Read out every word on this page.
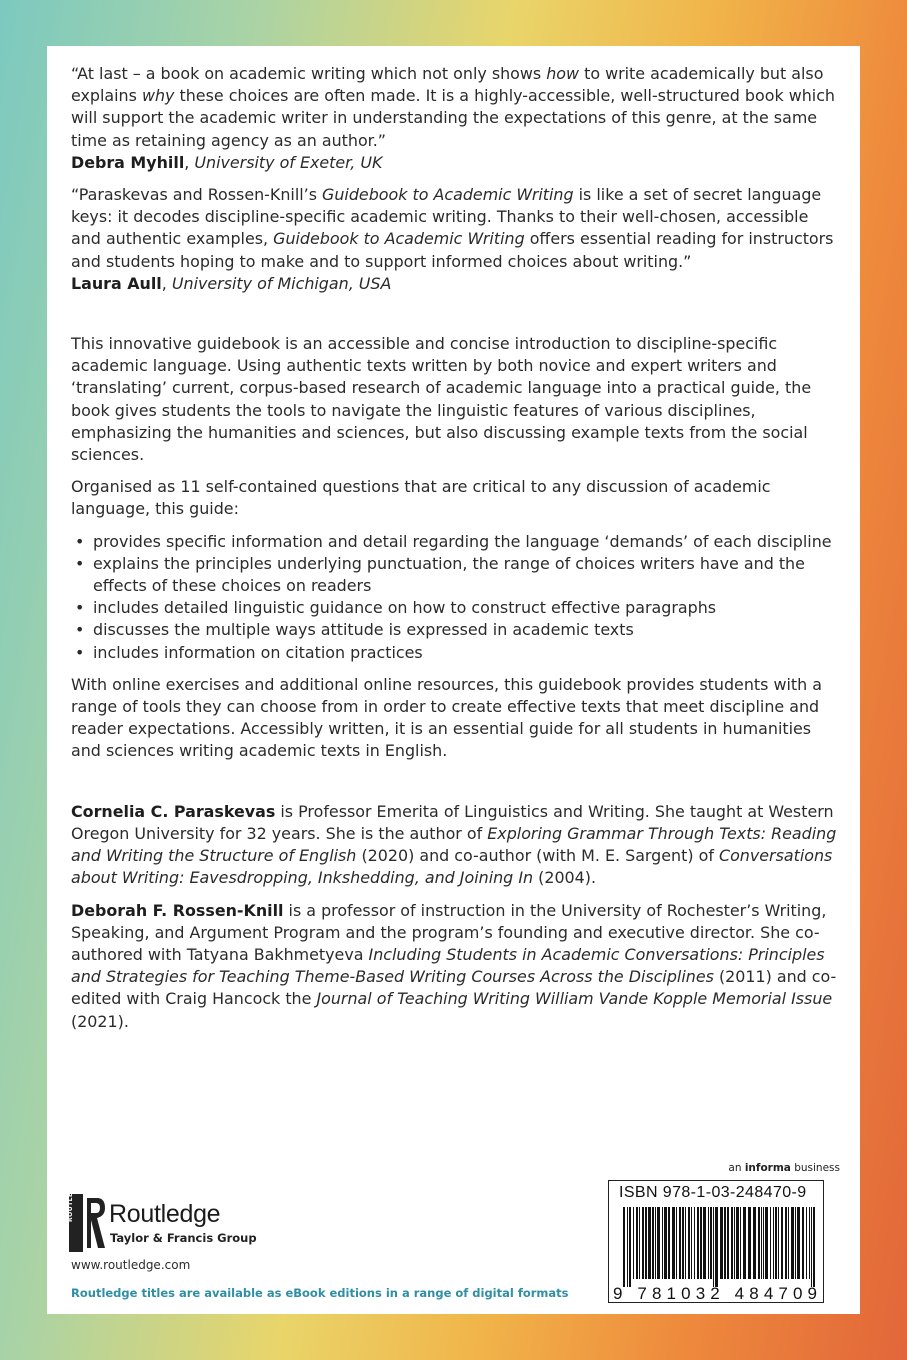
“At last – a book on academic writing which not only shows how to write academically but also explains why these choices are often made. It is a highly-accessible, well-structured book which will support the academic writer in understanding the expectations of this genre, at the same time as retaining agency as an author.”

Debra Myhill, University of Exeter, UK

“Paraskevas and Rossen-Knill’s Guidebook to Academic Writing is like a set of secret language keys: it decodes discipline-specific academic writing. Thanks to their well-chosen, accessible and authentic examples, Guidebook to Academic Writing offers essential reading for instructors and students hoping to make and to support informed choices about writing.”

Laura Aull, University of Michigan, USA

This innovative guidebook is an accessible and concise introduction to discipline-specific academic language. Using authentic texts written by both novice and expert writers and ‘translating’ current, corpus-based research of academic language into a practical guide, the book gives students the tools to navigate the linguistic features of various disciplines, emphasizing the humanities and sciences, but also discussing example texts from the social sciences.

Organised as 11 self-contained questions that are critical to any discussion of academic language, this guide:

• provides specific information and detail regarding the language ‘demands’ of each discipline
• explains the principles underlying punctuation, the range of choices writers have and the effects of these choices on readers
• includes detailed linguistic guidance on how to construct effective paragraphs
• discusses the multiple ways attitude is expressed in academic texts
• includes information on citation practices

With online exercises and additional online resources, this guidebook provides students with a range of tools they can choose from in order to create effective texts that meet discipline and reader expectations. Accessibly written, it is an essential guide for all students in humanities and sciences writing academic texts in English.

Cornelia C. Paraskevas is Professor Emerita of Linguistics and Writing. She taught at Western Oregon University for 32 years. She is the author of Exploring Grammar Through Texts: Reading and Writing the Structure of English (2020) and co-author (with M. E. Sargent) of Conversations about Writing: Eavesdropping, Inkshedding, and Joining In (2004).

Deborah F. Rossen-Knill is a professor of instruction in the University of Rochester’s Writing, Speaking, and Argument Program and the program’s founding and executive director. She co-authored with Tatyana Bakhmetyeva Including Students in Academic Conversations: Principles and Strategies for Teaching Theme-Based Writing Courses Across the Disciplines (2011) and co-edited with Craig Hancock the Journal of Teaching Writing William Vande Kopple Memorial Issue (2021).

an informa business
ROUTLEDGE Routledge
Taylor & Francis Group
www.routledge.com
Routledge titles are available as eBook editions in a range of digital formats
ISBN 978-1-03-248470-9
9 781032 484709
